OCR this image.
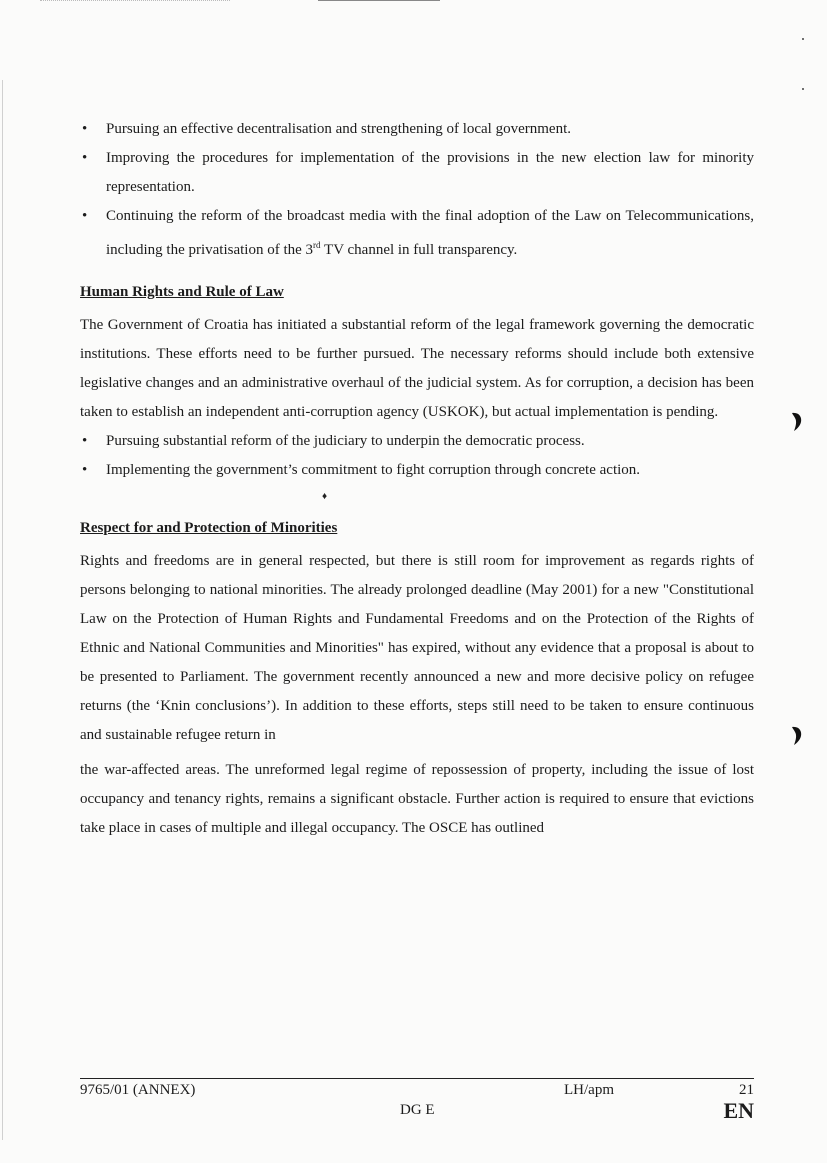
• Pursuing an effective decentralisation and strengthening of local government.
• Improving the procedures for implementation of the provisions in the new election law for minority representation.
• Continuing the reform of the broadcast media with the final adoption of the Law on Telecommunications, including the privatisation of the 3rd TV channel in full transparency.
Human Rights and Rule of Law

The Government of Croatia has initiated a substantial reform of the legal framework governing the democratic institutions. These efforts need to be further pursued. The necessary reforms should include both extensive legislative changes and an administrative overhaul of the judicial system. As for corruption, a decision has been taken to establish an independent anti-corruption agency (USKOK), but actual implementation is pending.

• Pursuing substantial reform of the judiciary to underpin the democratic process.
• Implementing the government’s commitment to fight corruption through concrete action.
♦
Respect for and Protection of Minorities

Rights and freedoms are in general respected, but there is still room for improvement as regards rights of persons belonging to national minorities. The already prolonged deadline (May 2001) for a new "Constitutional Law on the Protection of Human Rights and Fundamental Freedoms and on the Protection of the Rights of Ethnic and National Communities and Minorities" has expired, without any evidence that a proposal is about to be presented to Parliament. The government recently announced a new and more decisive policy on refugee returns (the ‘Knin conclusions’). In addition to these efforts, steps still need to be taken to ensure continuous and sustainable refugee return in

the war-affected areas. The unreformed legal regime of repossession of property, including the issue of lost occupancy and tenancy rights, remains a significant obstacle. Further action is required to ensure that evictions take place in cases of multiple and illegal occupancy. The OSCE has outlined

9765/01 (ANNEX)	LH/apm	21
DG E	EN
